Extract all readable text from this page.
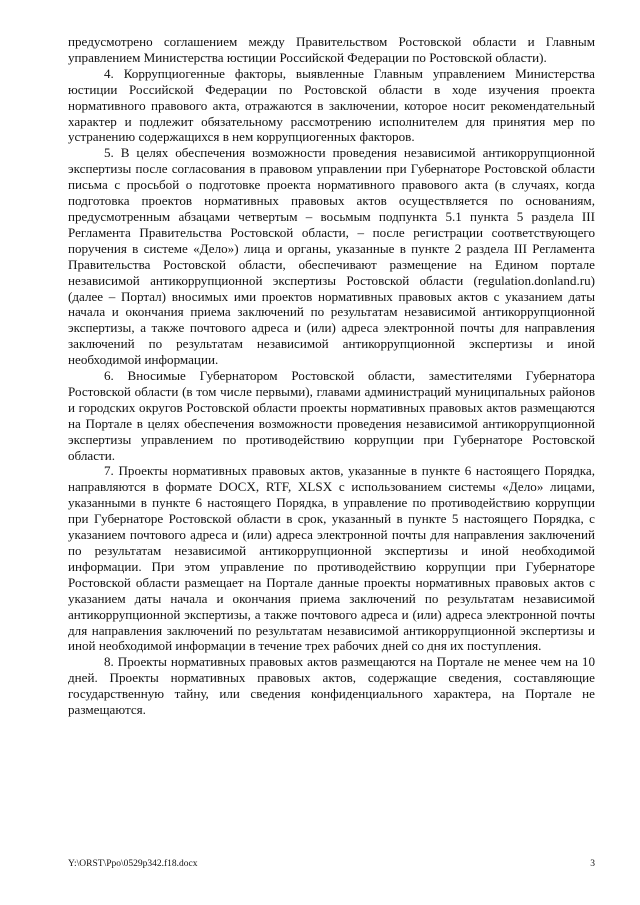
предусмотрено соглашением между Правительством Ростовской области и Главным управлением Министерства юстиции Российской Федерации по Ростовской области).

4. Коррупциогенные факторы, выявленные Главным управлением Министерства юстиции Российской Федерации по Ростовской области в ходе изучения проекта нормативного правового акта, отражаются в заключении, которое носит рекомендательный характер и подлежит обязательному рассмотрению исполнителем для принятия мер по устранению содержащихся в нем коррупциогенных факторов.

5. В целях обеспечения возможности проведения независимой антикоррупционной экспертизы после согласования в правовом управлении при Губернаторе Ростовской области письма с просьбой о подготовке проекта нормативного правового акта (в случаях, когда подготовка проектов нормативных правовых актов осуществляется по основаниям, предусмотренным абзацами четвертым – восьмым подпункта 5.1 пункта 5 раздела III Регламента Правительства Ростовской области, – после регистрации соответствующего поручения в системе «Дело») лица и органы, указанные в пункте 2 раздела III Регламента Правительства Ростовской области, обеспечивают размещение на Едином портале независимой антикоррупционной экспертизы Ростовской области (regulation.donland.ru) (далее – Портал) вносимых ими проектов нормативных правовых актов с указанием даты начала и окончания приема заключений по результатам независимой антикоррупционной экспертизы, а также почтового адреса и (или) адреса электронной почты для направления заключений по результатам независимой антикоррупционной экспертизы и иной необходимой информации.

6. Вносимые Губернатором Ростовской области, заместителями Губернатора Ростовской области (в том числе первыми), главами администраций муниципальных районов и городских округов Ростовской области проекты нормативных правовых актов размещаются на Портале в целях обеспечения возможности проведения независимой антикоррупционной экспертизы управлением по противодействию коррупции при Губернаторе Ростовской области.

7. Проекты нормативных правовых актов, указанные в пункте 6 настоящего Порядка, направляются в формате DOCX, RTF, XLSX с использованием системы «Дело» лицами, указанными в пункте 6 настоящего Порядка, в управление по противодействию коррупции при Губернаторе Ростовской области в срок, указанный в пункте 5 настоящего Порядка, с указанием почтового адреса и (или) адреса электронной почты для направления заключений по результатам независимой антикоррупционной экспертизы и иной необходимой информации. При этом управление по противодействию коррупции при Губернаторе Ростовской области размещает на Портале данные проекты нормативных правовых актов с указанием даты начала и окончания приема заключений по результатам независимой антикоррупционной экспертизы, а также почтового адреса и (или) адреса электронной почты для направления заключений по результатам независимой антикоррупционной экспертизы и иной необходимой информации в течение трех рабочих дней со дня их поступления.

8. Проекты нормативных правовых актов размещаются на Портале не менее чем на 10 дней. Проекты нормативных правовых актов, содержащие сведения, составляющие государственную тайну, или сведения конфиденциального характера, на Портале не размещаются.

Y:\ORST\Ppo\0529p342.f18.docx	3
